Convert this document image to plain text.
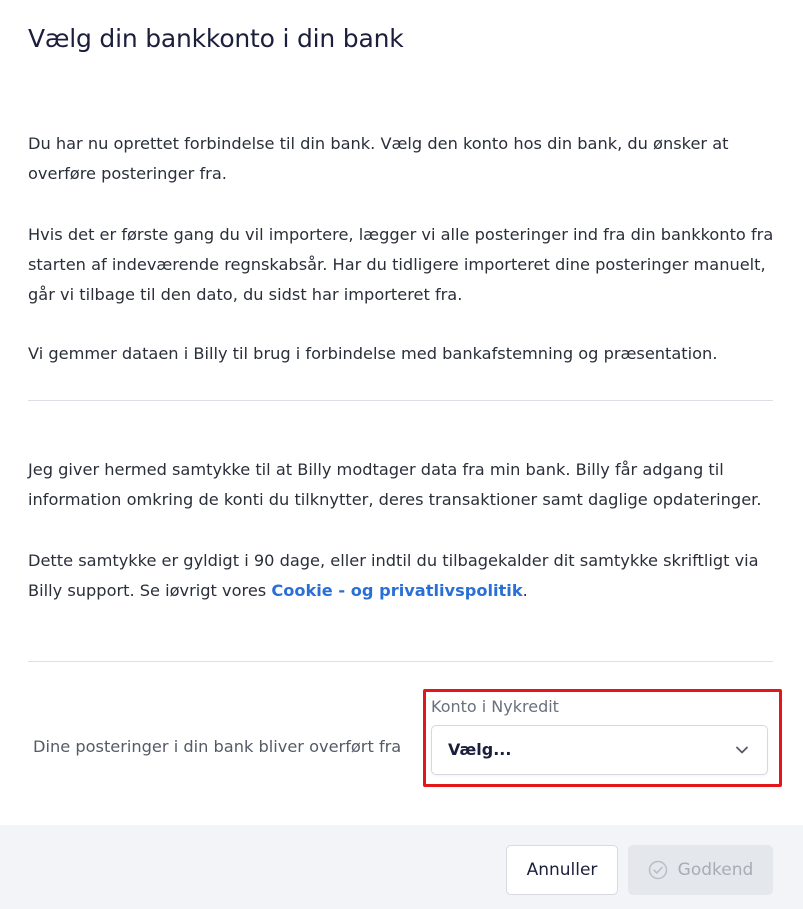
Vælg din bankkonto i din bank

Du har nu oprettet forbindelse til din bank. Vælg den konto hos din bank, du ønsker at overføre posteringer fra.

Hvis det er første gang du vil importere, lægger vi alle posteringer ind fra din bankkonto fra starten af indeværende regnskabsår. Har du tidligere importeret dine posteringer manuelt, går vi tilbage til den dato, du sidst har importeret fra.

Vi gemmer dataen i Billy til brug i forbindelse med bankafstemning og præsentation.

Jeg giver hermed samtykke til at Billy modtager data fra min bank. Billy får adgang til information omkring de konti du tilknytter, deres transaktioner samt daglige opdateringer.

Dette samtykke er gyldigt i 90 dage, eller indtil du tilbagekalder dit samtykke skriftligt via Billy support. Se iøvrigt vores Cookie - og privatlivspolitik.

Dine posteringer i din bank bliver overført fra
Konto i Nykredit
Vælg...
Annuller	Godkend
